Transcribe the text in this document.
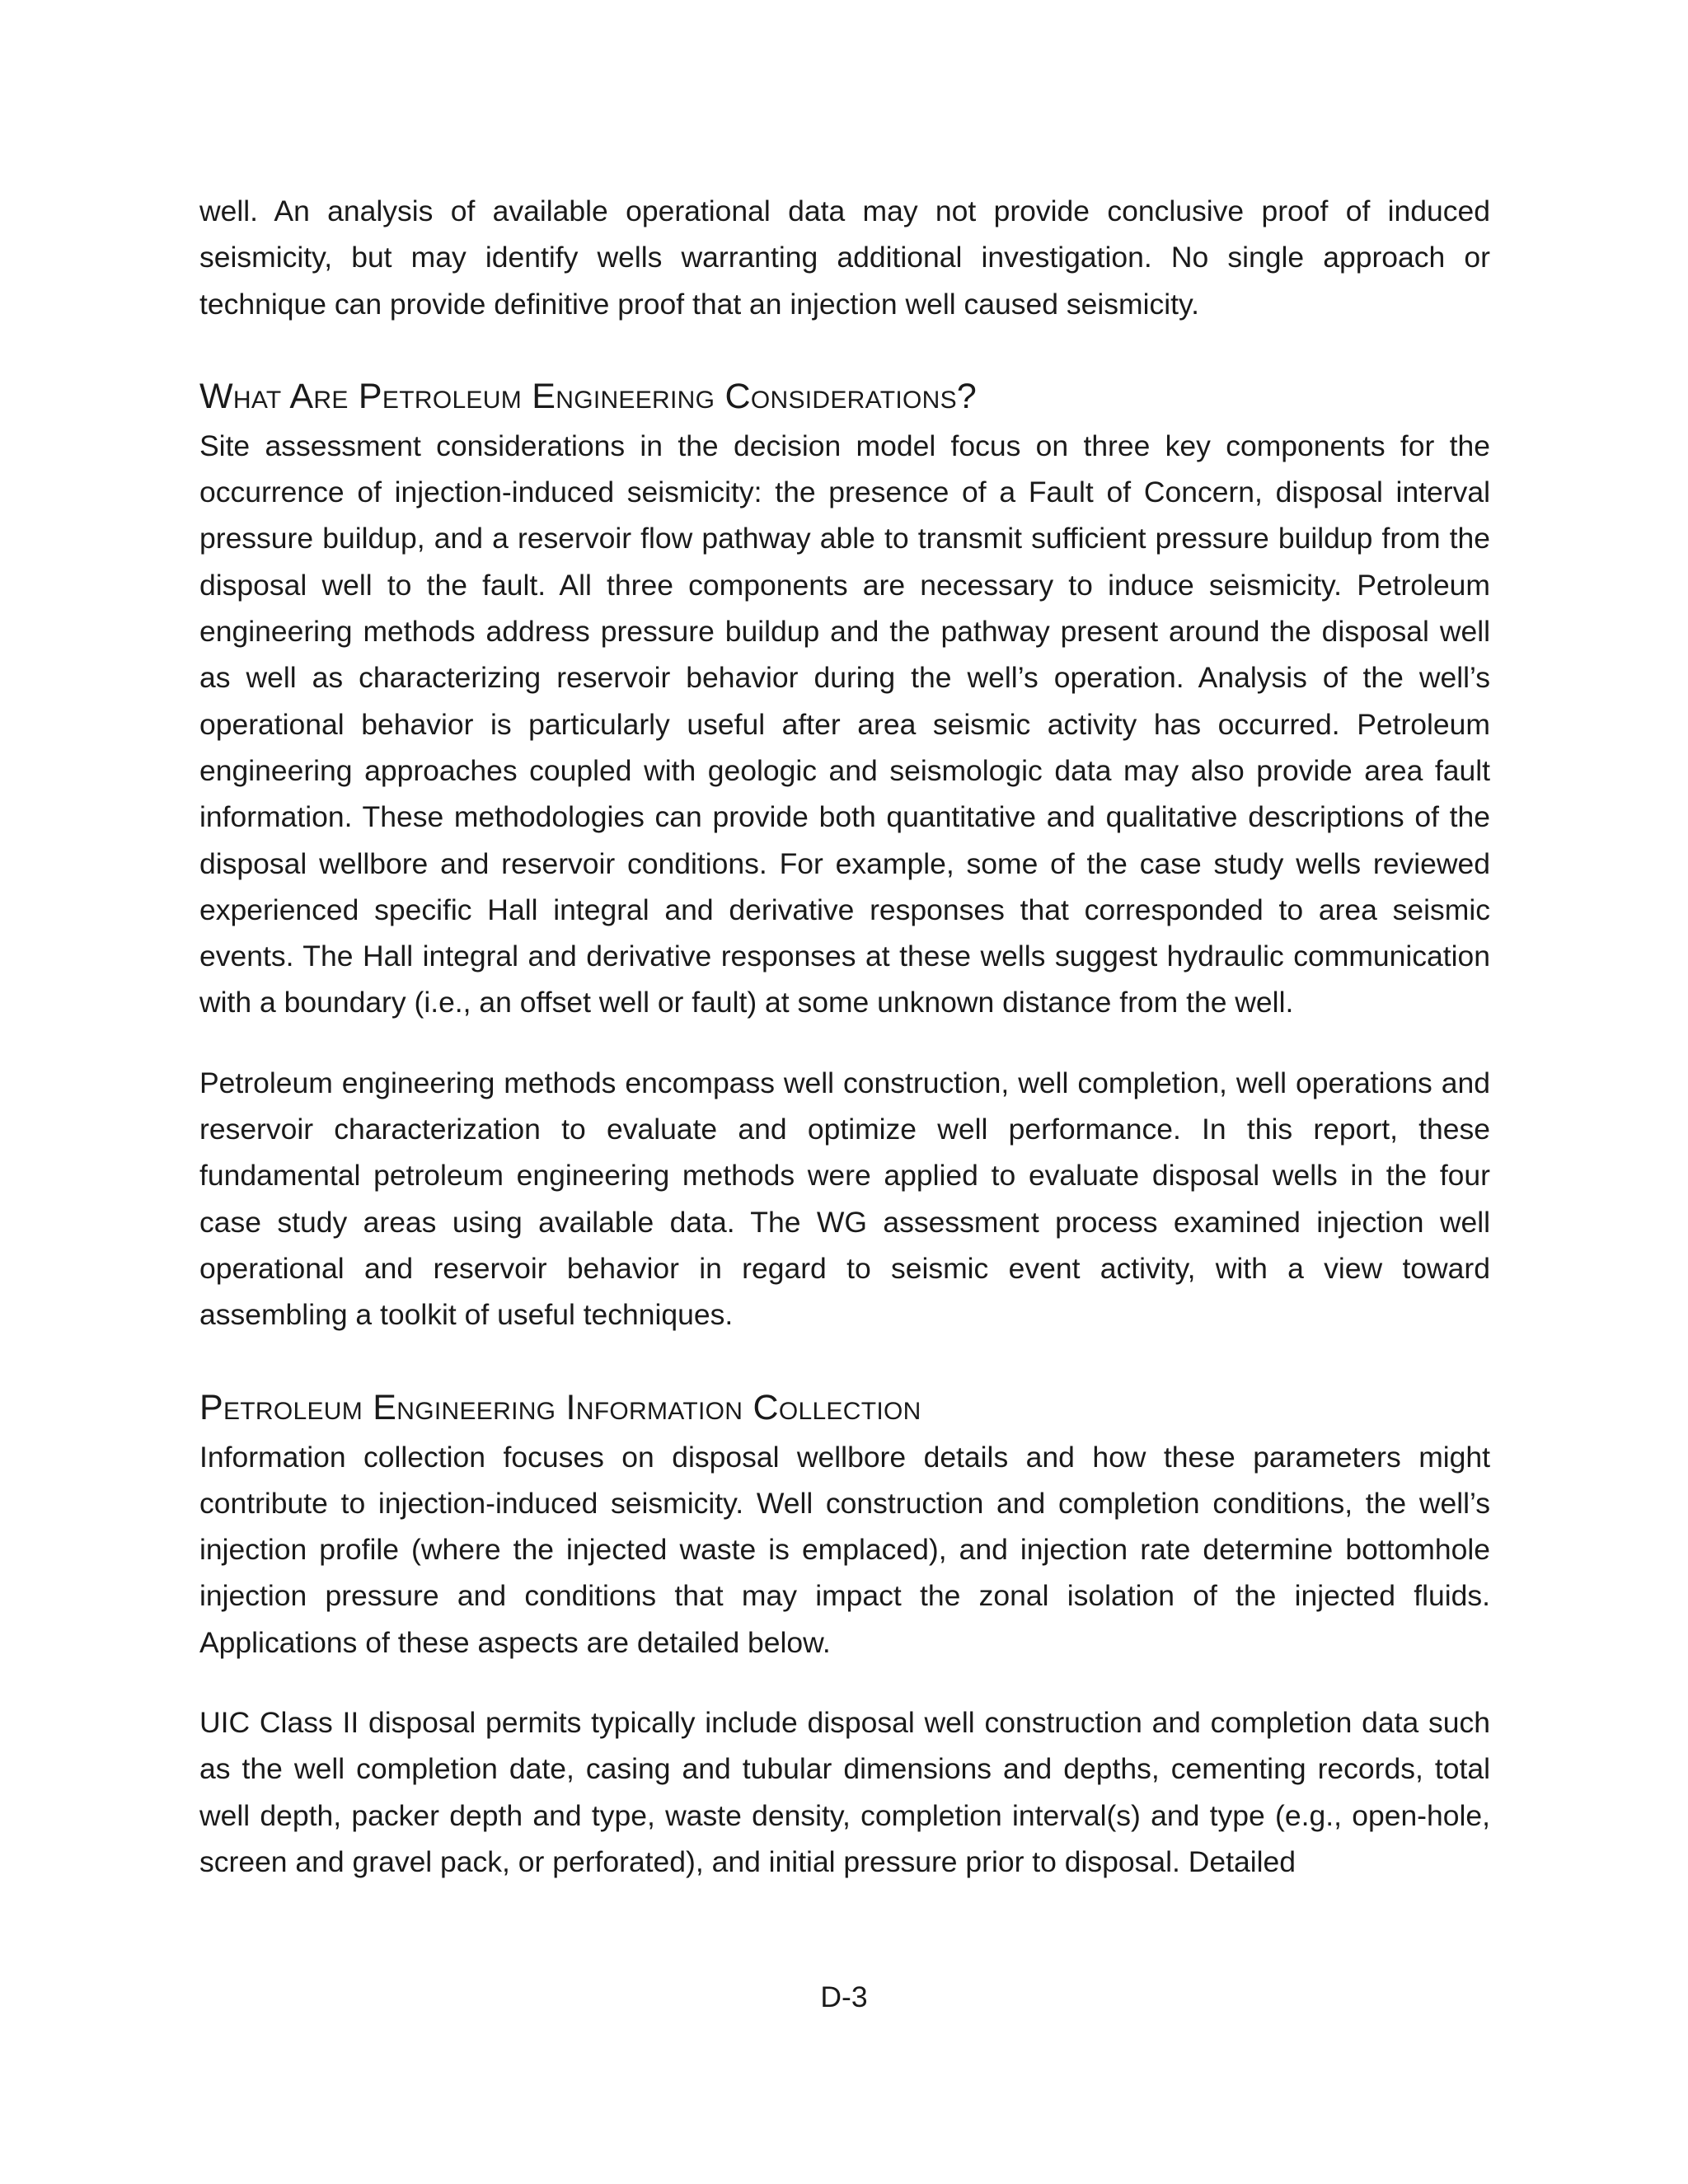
well. An analysis of available operational data may not provide conclusive proof of induced seismicity, but may identify wells warranting additional investigation. No single approach or technique can provide definitive proof that an injection well caused seismicity.

What Are Petroleum Engineering Considerations?

Site assessment considerations in the decision model focus on three key components for the occurrence of injection-induced seismicity: the presence of a Fault of Concern, disposal interval pressure buildup, and a reservoir flow pathway able to transmit sufficient pressure buildup from the disposal well to the fault. All three components are necessary to induce seismicity. Petroleum engineering methods address pressure buildup and the pathway present around the disposal well as well as characterizing reservoir behavior during the well’s operation. Analysis of the well’s operational behavior is particularly useful after area seismic activity has occurred. Petroleum engineering approaches coupled with geologic and seismologic data may also provide area fault information. These methodologies can provide both quantitative and qualitative descriptions of the disposal wellbore and reservoir conditions. For example, some of the case study wells reviewed experienced specific Hall integral and derivative responses that corresponded to area seismic events. The Hall integral and derivative responses at these wells suggest hydraulic communication with a boundary (i.e., an offset well or fault) at some unknown distance from the well.

Petroleum engineering methods encompass well construction, well completion, well operations and reservoir characterization to evaluate and optimize well performance. In this report, these fundamental petroleum engineering methods were applied to evaluate disposal wells in the four case study areas using available data. The WG assessment process examined injection well operational and reservoir behavior in regard to seismic event activity, with a view toward assembling a toolkit of useful techniques.

Petroleum Engineering Information Collection

Information collection focuses on disposal wellbore details and how these parameters might contribute to injection-induced seismicity. Well construction and completion conditions, the well’s injection profile (where the injected waste is emplaced), and injection rate determine bottomhole injection pressure and conditions that may impact the zonal isolation of the injected fluids. Applications of these aspects are detailed below.

UIC Class II disposal permits typically include disposal well construction and completion data such as the well completion date, casing and tubular dimensions and depths, cementing records, total well depth, packer depth and type, waste density, completion interval(s) and type (e.g., open-hole, screen and gravel pack, or perforated), and initial pressure prior to disposal. Detailed

D-3
